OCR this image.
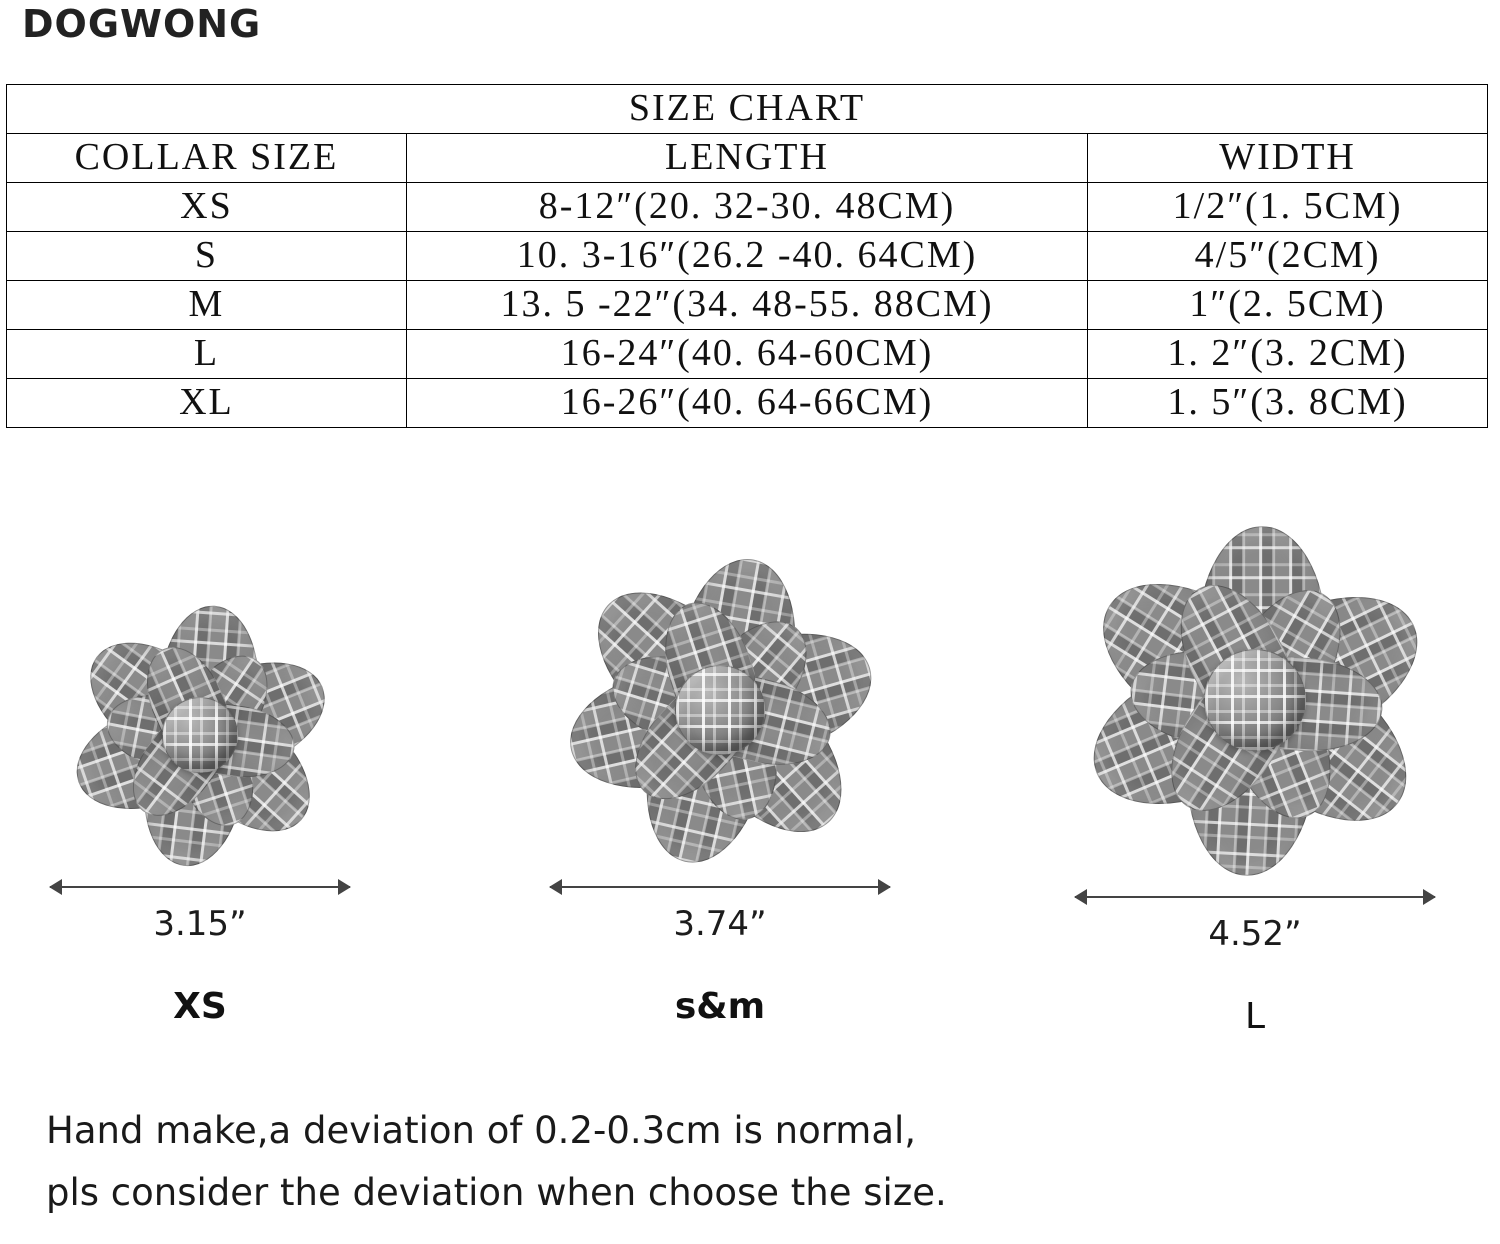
DOGWONG
SIZE CHART		
COLLAR SIZE	LENGTH	WIDTH
XS	8-12″(20. 32-30. 48CM)	1/2″(1. 5CM)
S	10. 3-16″(26.2 -40. 64CM)	4/5″(2CM)
M	13. 5 -22″(34. 48-55. 88CM)	1″(2. 5CM)
L	16-24″(40. 64-60CM)	1. 2″(3. 2CM)
XL	16-26″(40. 64-66CM)	1. 5″(3. 8CM)
3.15”
XS
3.74”
s&m
4.52”
L
Hand make,a deviation of 0.2-0.3cm is normal,
pls consider the deviation when choose the size.
